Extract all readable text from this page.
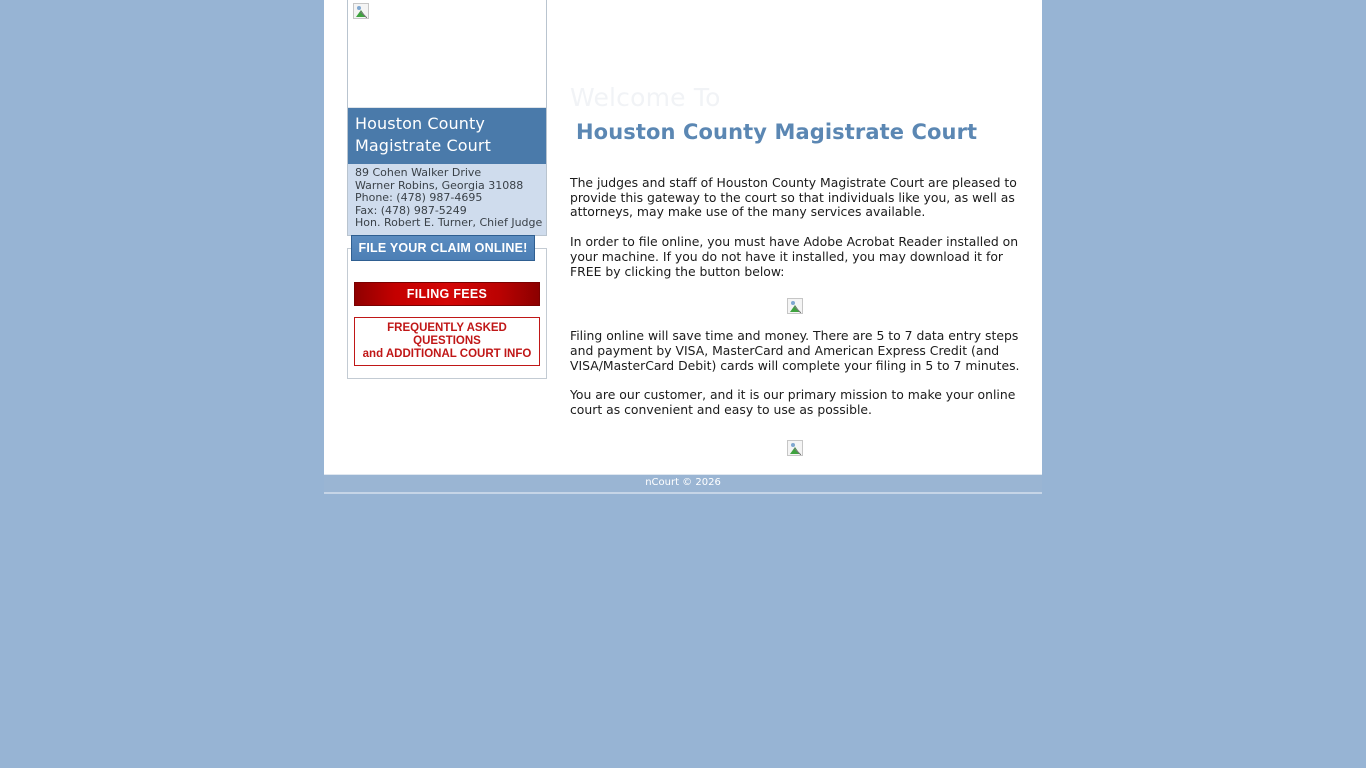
Houston County
Magistrate Court
89 Cohen Walker Drive
Warner Robins, Georgia 31088
Phone: (478) 987-4695
Fax: (478) 987-5249
Hon. Robert E. Turner, Chief Judge
FILE YOUR CLAIM ONLINE!
FILING FEES
FREQUENTLY ASKED QUESTIONS
and ADDITIONAL COURT INFO
Welcome To
Houston County Magistrate Court

The judges and staff of Houston County Magistrate Court are pleased to provide this gateway to the court so that individuals like you, as well as attorneys, may make use of the many services available.

In order to file online, you must have Adobe Acrobat Reader installed on your machine. If you do not have it installed, you may download it for FREE by clicking the button below:

Filing online will save time and money. There are 5 to 7 data entry steps and payment by VISA, MasterCard and American Express Credit (and VISA/MasterCard Debit) cards will complete your filing in 5 to 7 minutes.

You are our customer, and it is our primary mission to make your online court as convenient and easy to use as possible.

nCourt © 2026
